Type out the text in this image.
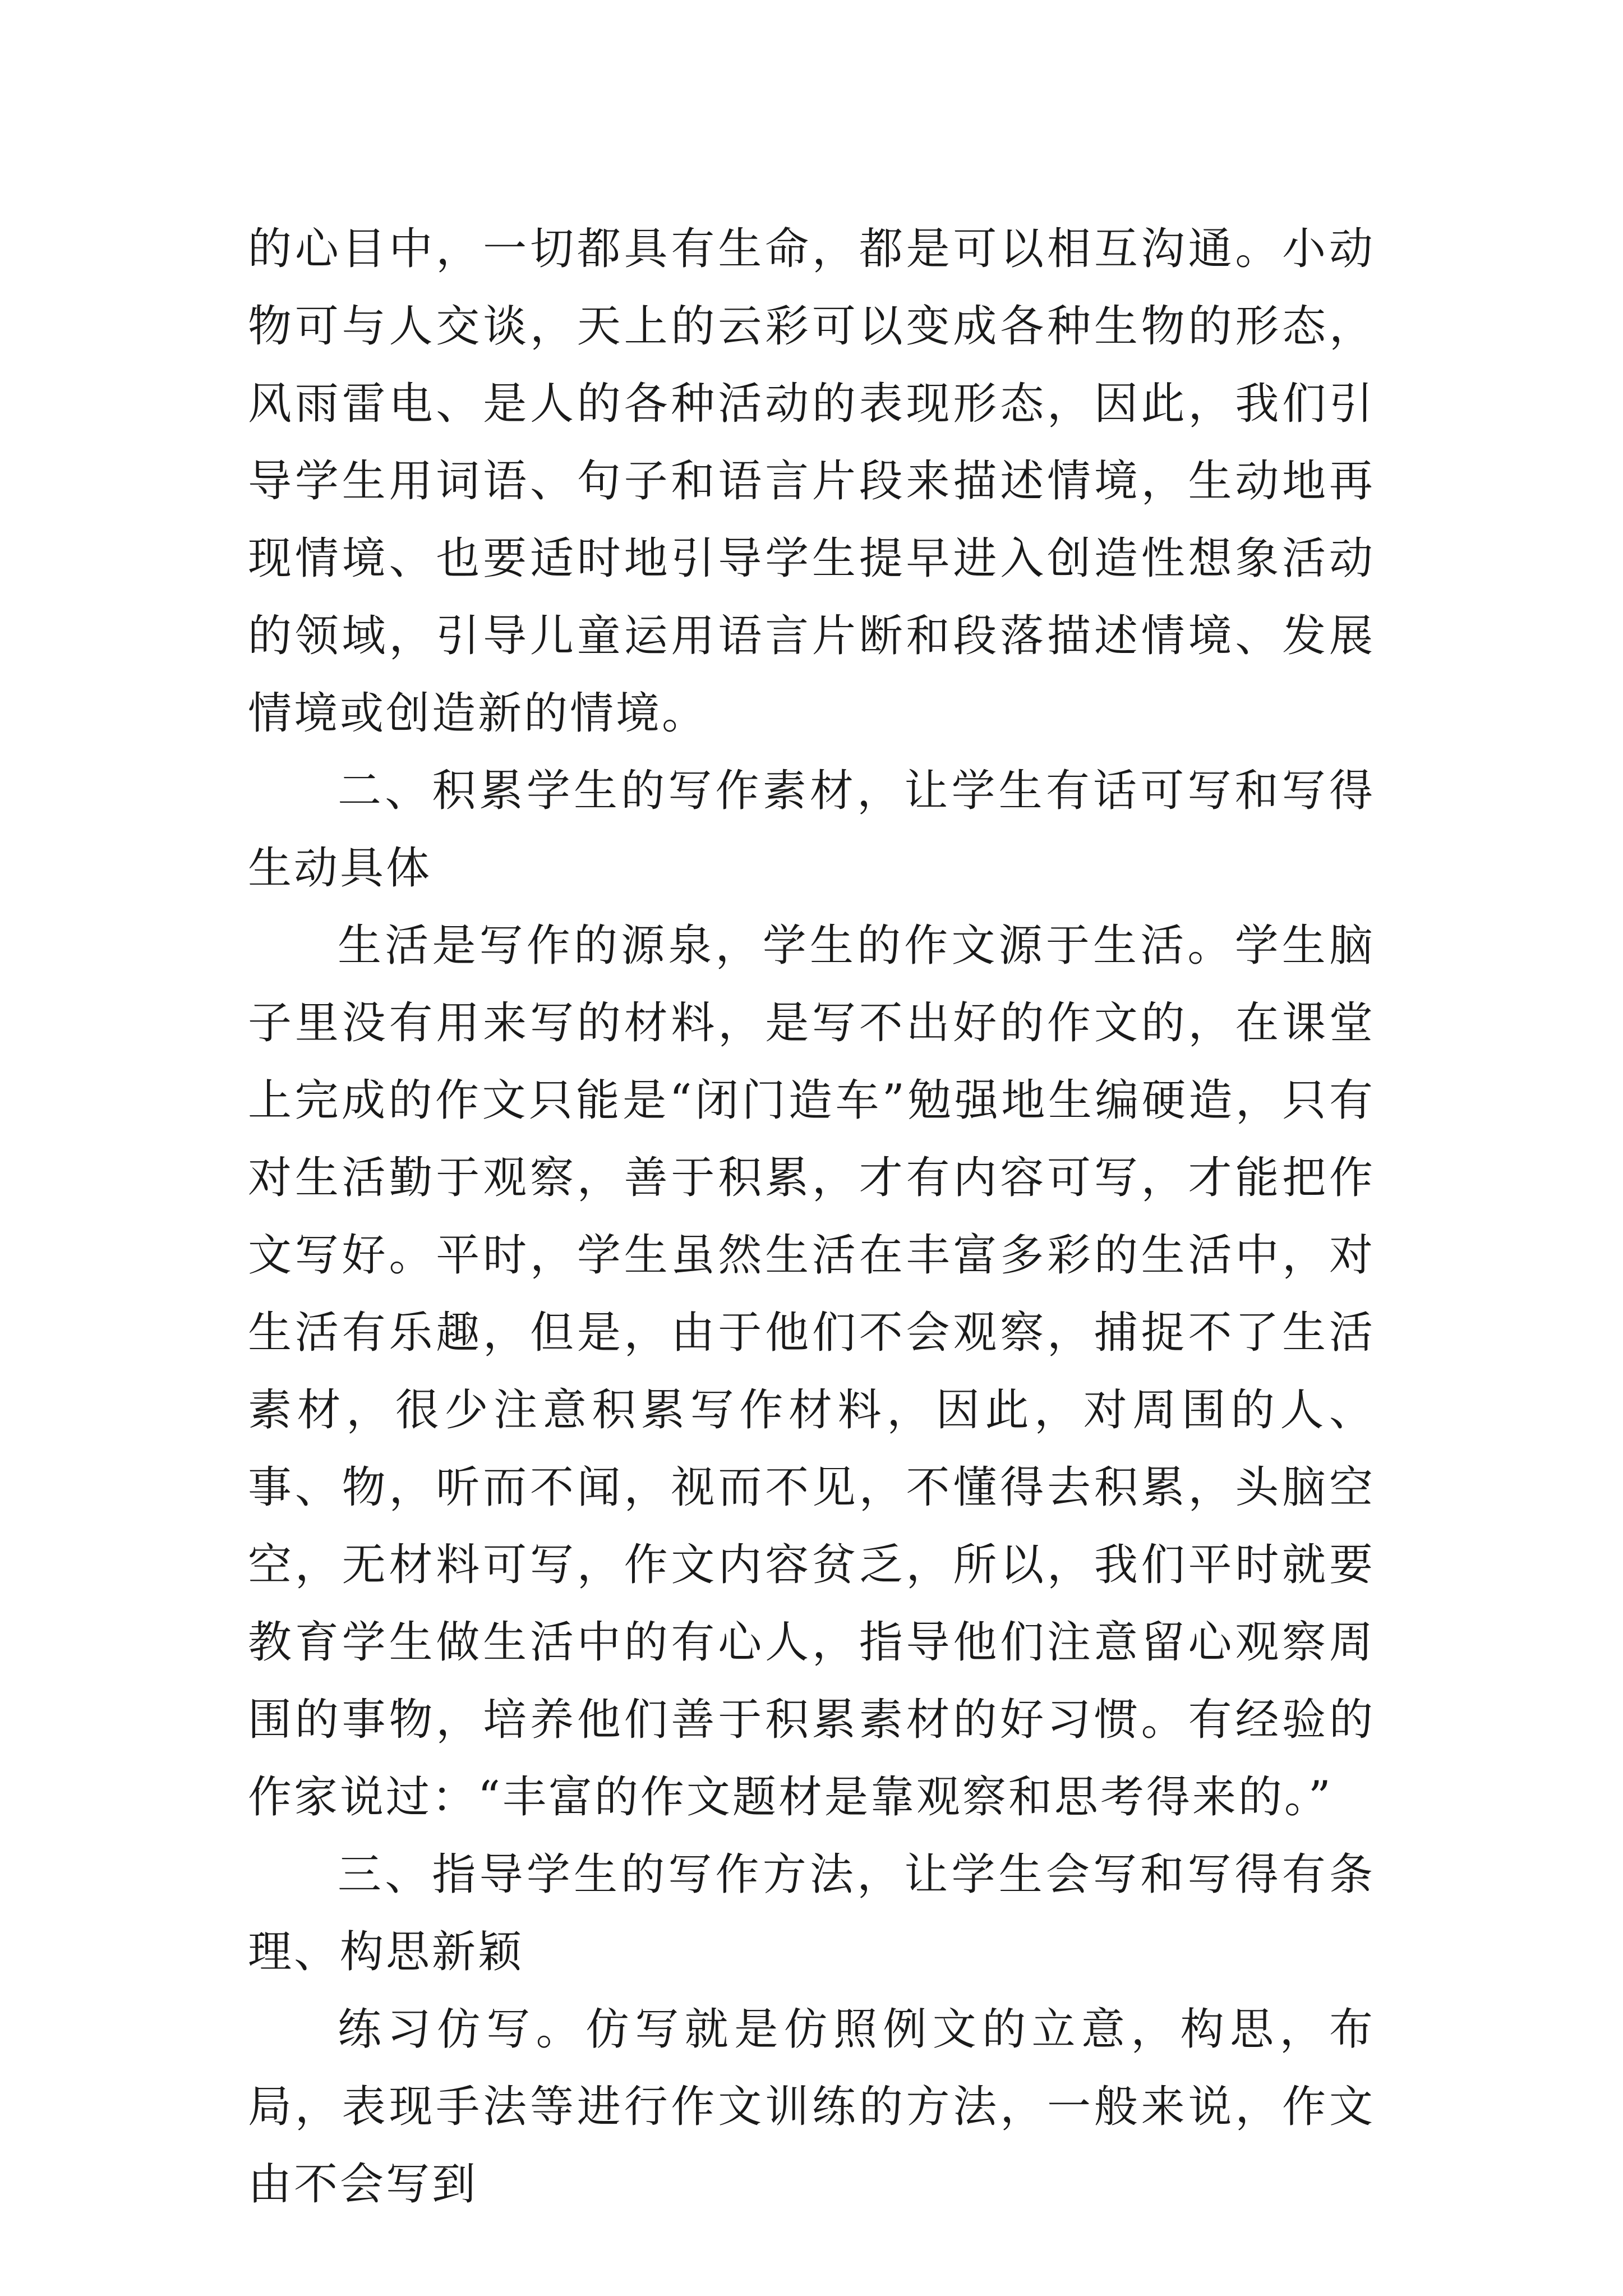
的心目中，一切都具有生命，都是可以相互沟通。小动物可与人交谈，天上的云彩可以变成各种生物的形态，风雨雷电、是人的各种活动的表现形态，因此，我们引导学生用词语、句子和语言片段来描述情境，生动地再现情境、也要适时地引导学生提早进入创造性想象活动的领域，引导儿童运用语言片断和段落描述情境、发展情境或创造新的情境。

二、积累学生的写作素材，让学生有话可写和写得生动具体

生活是写作的源泉，学生的作文源于生活。学生脑子里没有用来写的材料，是写不出好的作文的，在课堂上完成的作文只能是“闭门造车”勉强地生编硬造，只有对生活勤于观察，善于积累，才有内容可写，才能把作文写好。平时，学生虽然生活在丰富多彩的生活中，对生活有乐趣，但是，由于他们不会观察，捕捉不了生活素材，很少注意积累写作材料，因此，对周围的人、事、物，听而不闻，视而不见，不懂得去积累，头脑空空，无材料可写，作文内容贫乏，所以，我们平时就要教育学生做生活中的有心人，指导他们注意留心观察周围的事物，培养他们善于积累素材的好习惯。有经验的作家说过：“丰富的作文题材是靠观察和思考得来的。”

三、指导学生的写作方法，让学生会写和写得有条理、构思新颖

练习仿写。仿写就是仿照例文的立意，构思，布局，表现手法等进行作文训练的方法，一般来说，作文由不会写到
